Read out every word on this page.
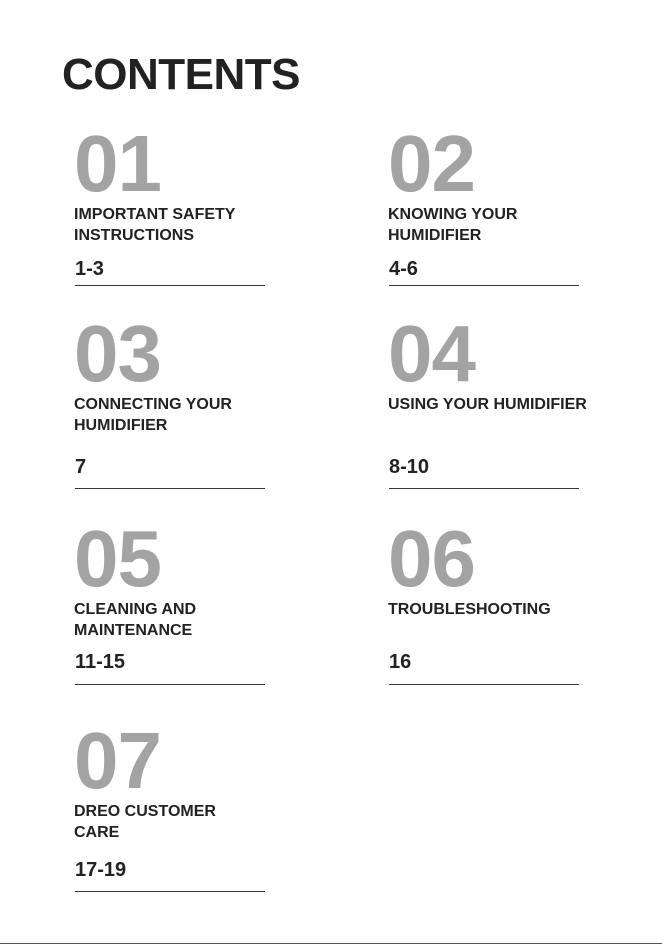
CONTENTS
01
IMPORTANT SAFETY
INSTRUCTIONS
1-3
02
KNOWING YOUR
HUMIDIFIER
4-6
03
CONNECTING YOUR
HUMIDIFIER
7
04
USING YOUR HUMIDIFIER
8-10
05
CLEANING AND
MAINTENANCE
11-15
06
TROUBLESHOOTING
16
07
DREO CUSTOMER
CARE
17-19
